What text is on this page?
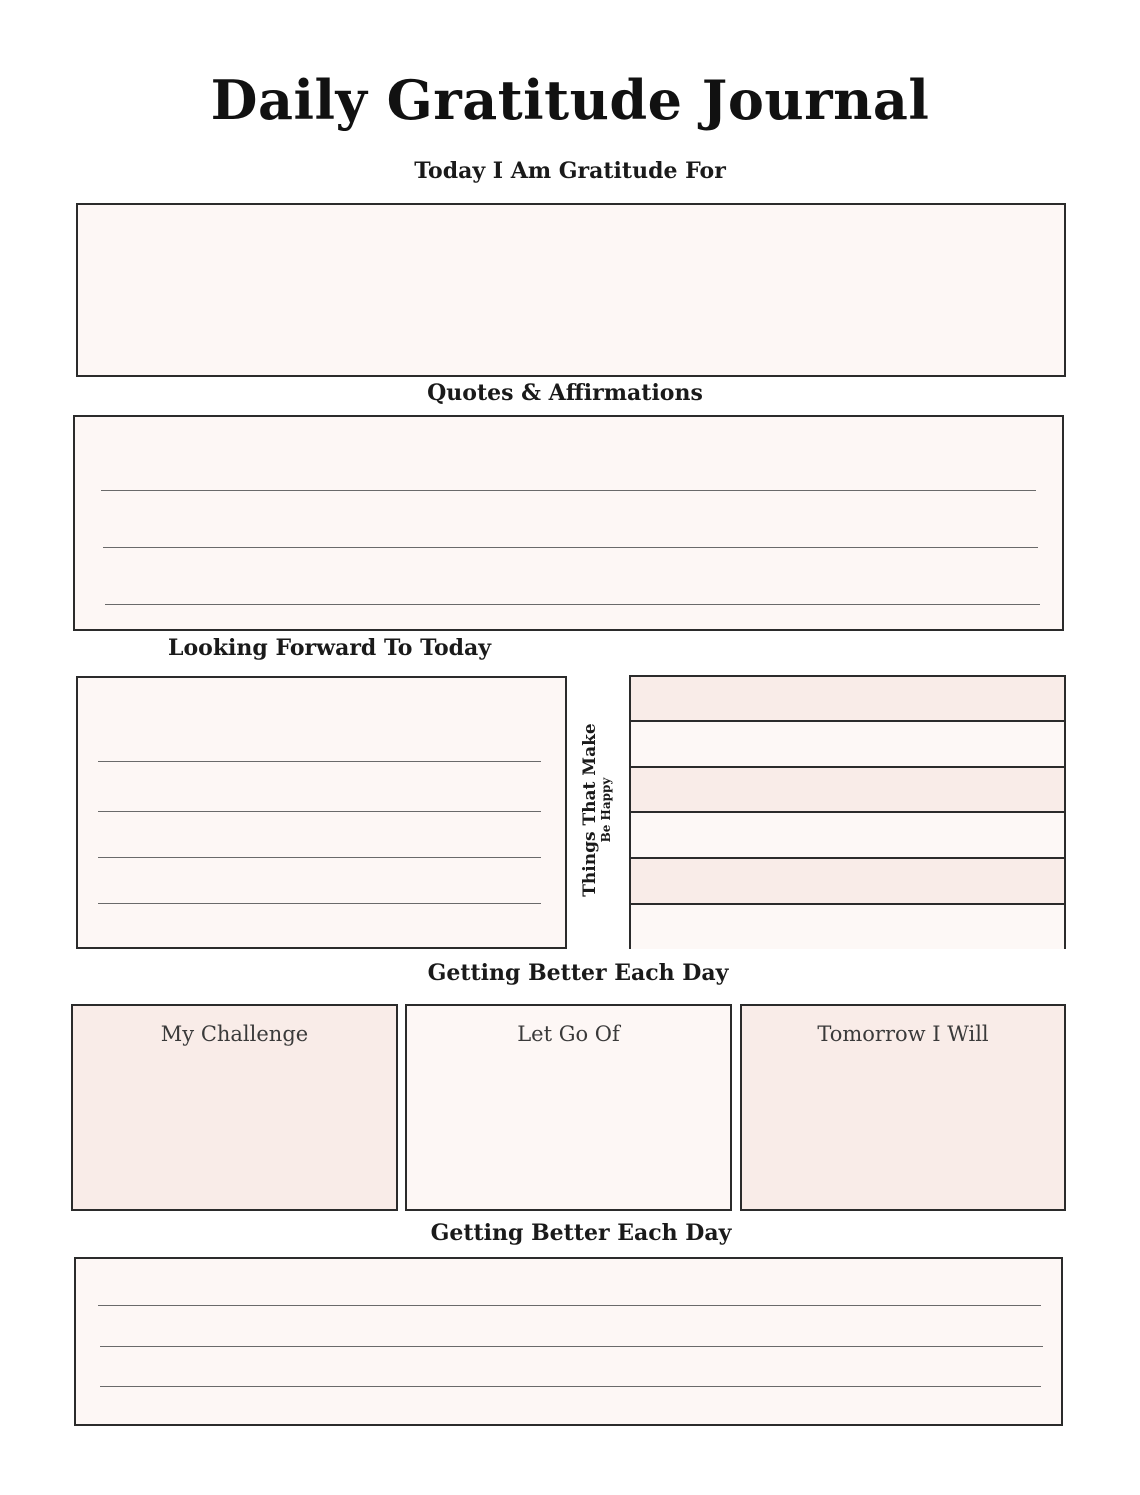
Daily Gratitude Journal
Today I Am Gratitude For
Quotes & Affirmations
Looking Forward To Today
Things That Make
Be Happy
Getting Better Each Day
My Challenge	Let Go Of	Tomorrow I Will
Getting Better Each Day
